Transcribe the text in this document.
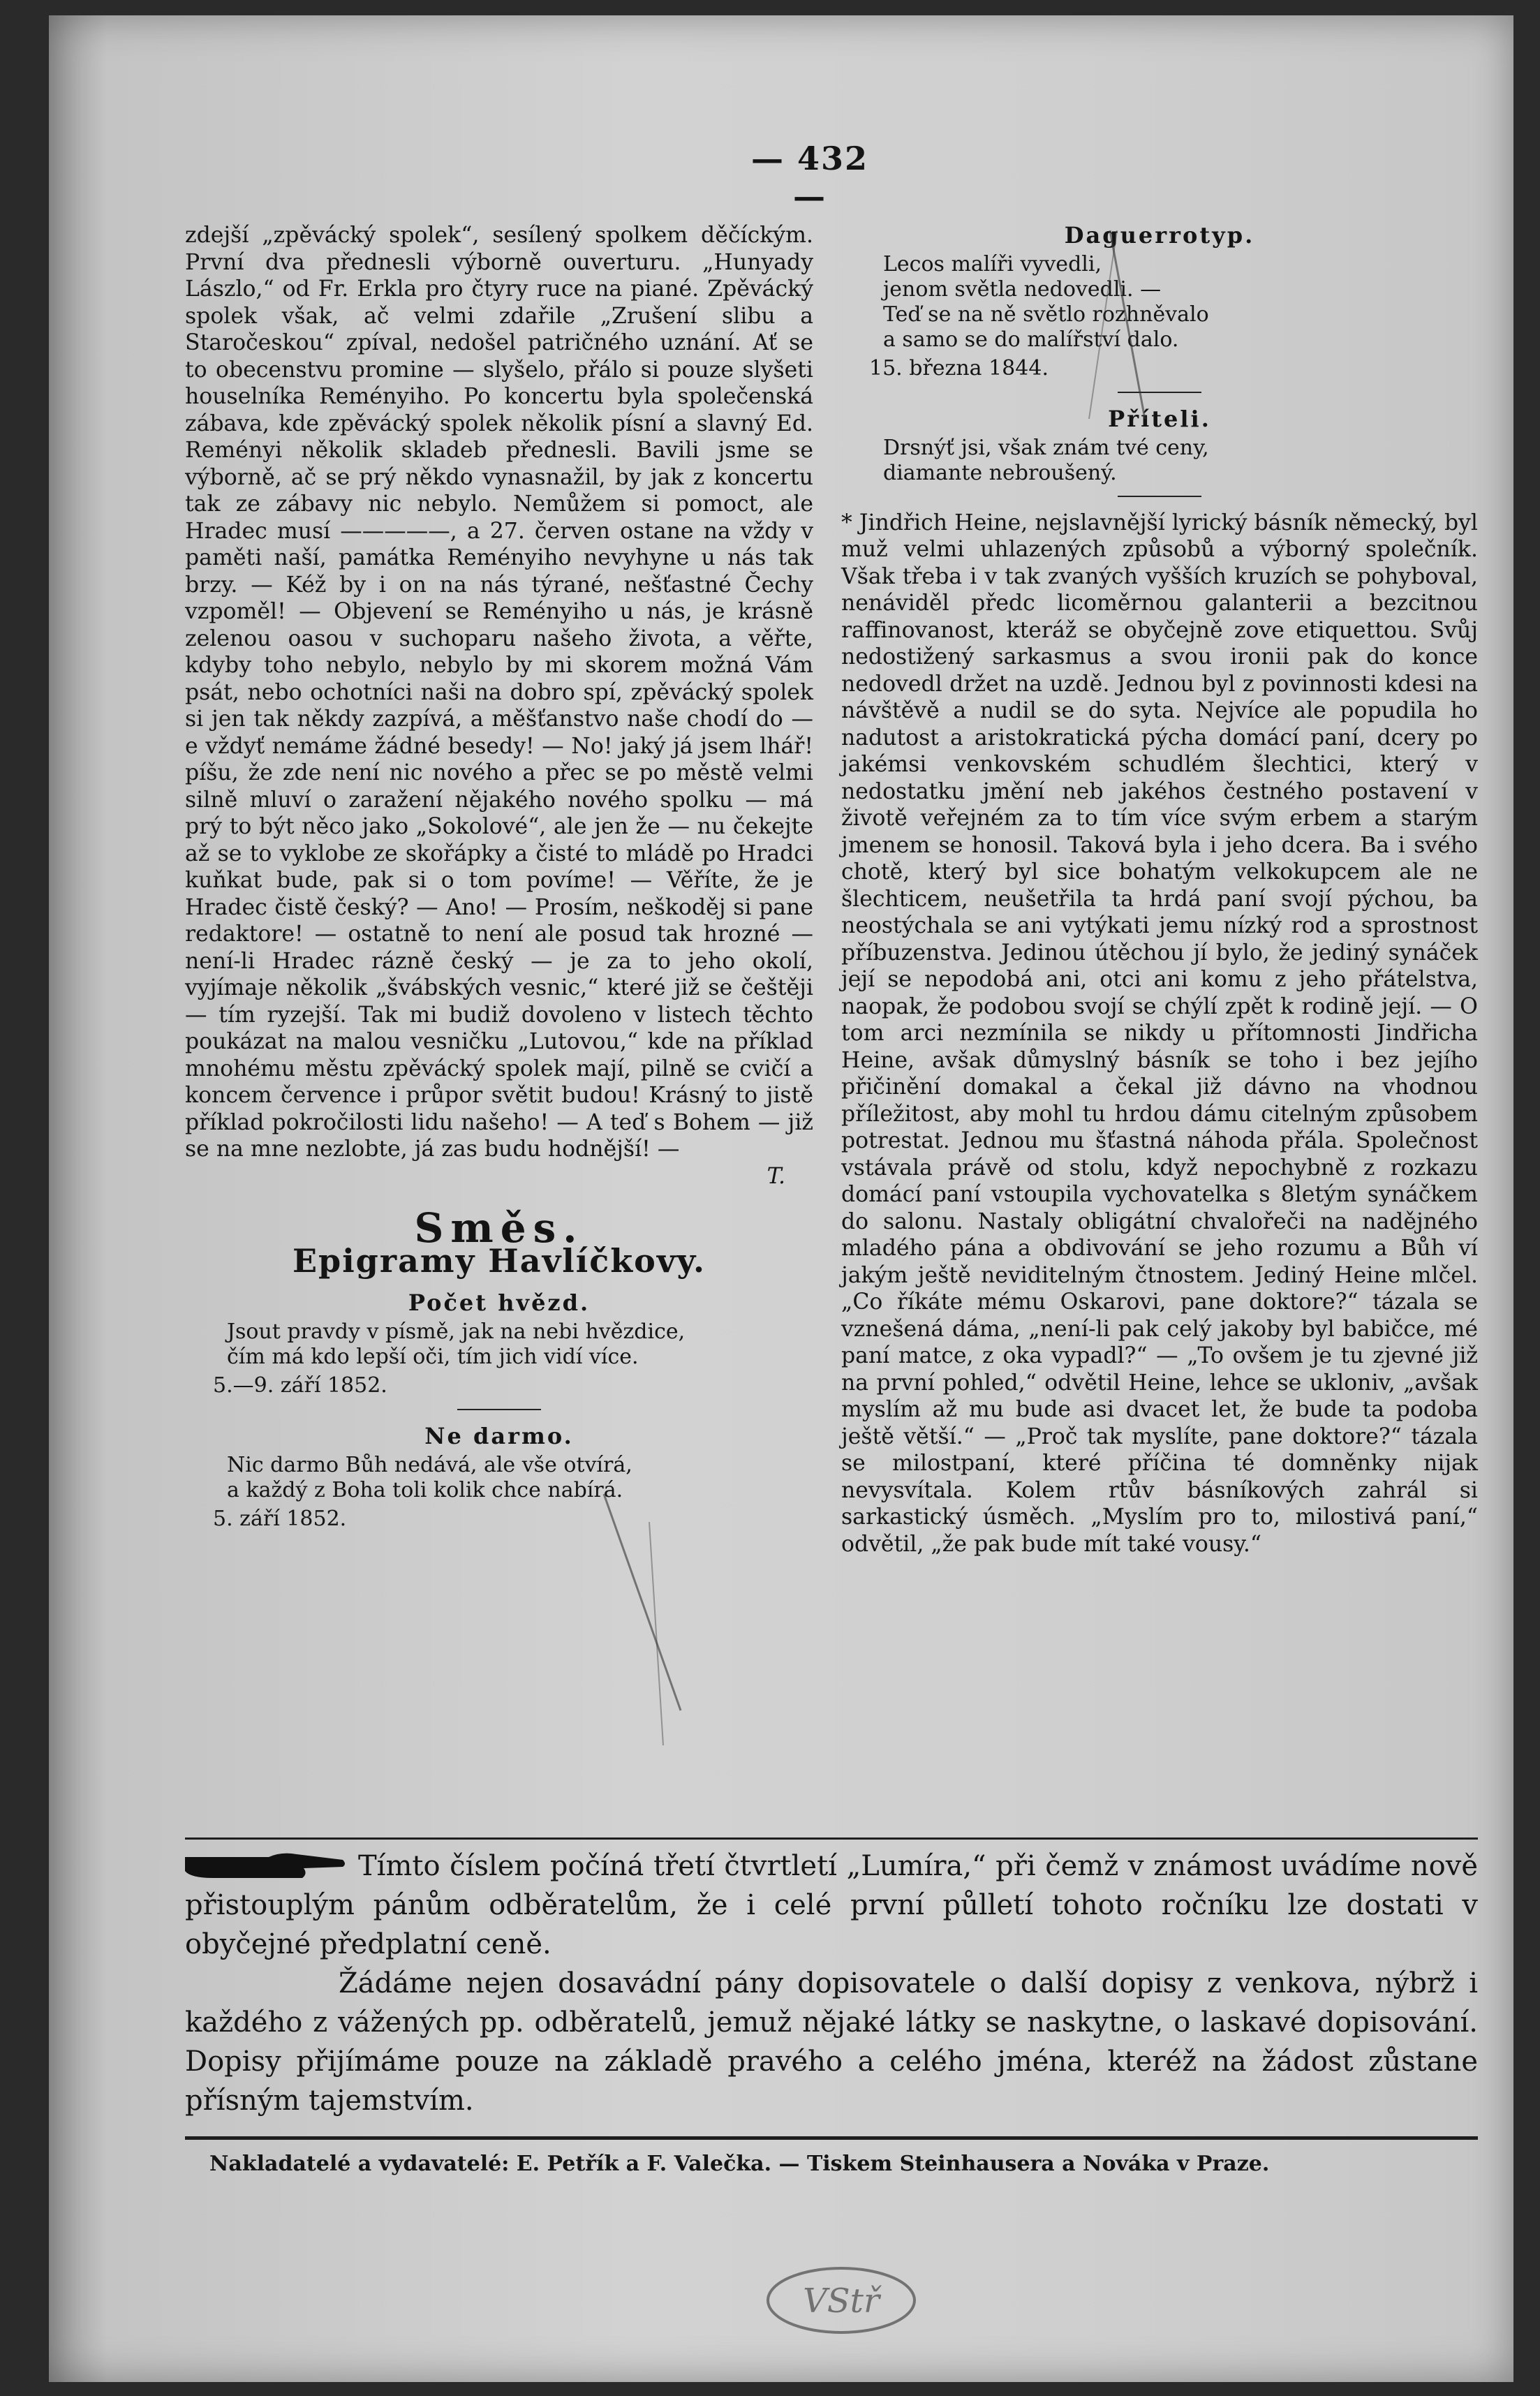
— 432 —

zdejší „zpěvácký spolek“, sesílený spolkem děčíckým. První dva přednesli výborně ouverturu. „Hunyady Lászlo,“ od Fr. Erkla pro čtyry ruce na piané. Zpěvácký spolek však, ač velmi zdařile „Zrušení slibu a Staročeskou“ zpíval, nedošel patričného uznání. Ať se to obecenstvu promine — slyšelo, přálo si pouze slyšeti houselníka Reményiho. Po koncertu byla společenská zábava, kde zpěvácký spolek několik písní a slavný Ed. Reményi několik skladeb přednesli. Bavili jsme se výborně, ač se prý někdo vynasnažil, by jak z koncertu tak ze zábavy nic nebylo. Nemůžem si pomoct, ale Hradec musí —————, a 27. červen ostane na vždy v paměti naší, památka Reményiho nevyhyne u nás tak brzy. — Kéž by i on na nás týrané, nešťastné Čechy vzpoměl! — Objevení se Reményiho u nás, je krásně zelenou oasou v suchoparu našeho života, a věřte, kdyby toho nebylo, nebylo by mi skorem možná Vám psát, nebo ochotníci naši na dobro spí, zpěvácký spolek si jen tak někdy zazpívá, a měšťanstvo naše chodí do — e vždyť nemáme žádné besedy! — No! jaký já jsem lhář! píšu, že zde není nic nového a přec se po městě velmi silně mluví o zaražení nějakého nového spolku — má prý to být něco jako „Sokolové“, ale jen že — nu čekejte až se to vyklobe ze skořápky a čisté to mládě po Hradci kuňkat bude, pak si o tom povíme! — Věříte, že je Hradec čistě český? — Ano! — Prosím, neškoděj si pane redaktore! — ostatně to není ale posud tak hrozné — není-li Hradec rázně český — je za to jeho okolí, vyjímaje několik „švábských vesnic,“ které již se češtěji — tím ryzejší. Tak mi budiž dovoleno v listech těchto poukázat na malou vesničku „Lutovou,“ kde na příklad mnohému městu zpěvácký spolek mají, pilně se cvičí a koncem července i průpor světit budou! Krásný to jistě příklad pokročilosti lidu našeho! — A teď s Bohem — již se na mne nezlobte, já zas budu hodnější! —

T.

Směs.
Epigramy Havlíčkovy.
Počet hvězd.
Jsout pravdy v písmě, jak na nebi hvězdice,
čím má kdo lepší oči, tím jich vidí více.
5.—9. září 1852.
Ne darmo.
Nic darmo Bůh nedává, ale vše otvírá,
a každý z Boha toli kolik chce nabírá.
5. září 1852.
Daguerrotyp.
Lecos malíři vyvedli,
jenom světla nedovedli. —
Teď se na ně světlo rozhněvalo
a samo se do malířství dalo.
15. března 1844.
Příteli.
Drsnýť jsi, však znám tvé ceny,
diamante nebroušený.

* Jindřich Heine, nejslavnější lyrický básník německý, byl muž velmi uhlazených způsobů a výborný společník. Však třeba i v tak zvaných vyšších kruzích se pohyboval, nenáviděl předc licoměrnou galanterii a bezcitnou raffinovanost, kteráž se obyčejně zove etiquettou. Svůj nedostižený sarkasmus a svou ironii pak do konce nedovedl držet na uzdě. Jednou byl z povinnosti kdesi na návštěvě a nudil se do syta. Nejvíce ale popudila ho nadutost a aristokratická pýcha domácí paní, dcery po jakémsi venkovském schudlém šlechtici, který v nedostatku jmění neb jakéhos čestného postavení v životě veřejném za to tím více svým erbem a starým jmenem se honosil. Taková byla i jeho dcera. Ba i svého chotě, který byl sice bohatým velkokupcem ale ne šlechticem, neušetřila ta hrdá paní svojí pýchou, ba neostýchala se ani vytýkati jemu nízký rod a sprostnost příbuzenstva. Jedinou útěchou jí bylo, že jediný synáček její se nepodobá ani, otci ani komu z jeho přátelstva, naopak, že podobou svojí se chýlí zpět k rodině její. — O tom arci nezmínila se nikdy u přítomnosti Jindřicha Heine, avšak důmyslný básník se toho i bez jejího přičinění domakal a čekal již dávno na vhodnou příležitost, aby mohl tu hrdou dámu citelným způsobem potrestat. Jednou mu šťastná náhoda přála. Společnost vstávala právě od stolu, když nepochybně z rozkazu domácí paní vstoupila vychovatelka s 8letým synáčkem do salonu. Nastaly obligátní chvalořeči na nadějného mladého pána a obdivování se jeho rozumu a Bůh ví jakým ještě neviditelným čtnostem. Jediný Heine mlčel. „Co říkáte mému Oskarovi, pane doktore?“ tázala se vznešená dáma, „není-li pak celý jakoby byl babičce, mé paní matce, z oka vypadl?“ — „To ovšem je tu zjevné již na první pohled,“ odvětil Heine, lehce se ukloniv, „avšak myslím až mu bude asi dvacet let, že bude ta podoba ještě větší.“ — „Proč tak myslíte, pane doktore?“ tázala se milostpaní, které příčina té domněnky nijak nevysvítala. Kolem rtův básníkových zahrál si sarkastický úsměch. „Myslím pro to, milostivá paní,“ odvětil, „že pak bude mít také vousy.“

Tímto číslem počíná třetí čtvrtletí „Lumíra,“ při čemž v známost uvádíme nově přistouplým pánům odběratelům, že i celé první půlletí tohoto ročníku lze dostati v obyčejné předplatní ceně.

Žádáme nejen dosavádní pány dopisovatele o další dopisy z venkova, nýbrž i každého z vážených pp. odběratelů, jemuž nějaké látky se naskytne, o laskavé dopisování. Dopisy přijímáme pouze na základě pravého a celého jména, kteréž na žádost zůstane přísným tajemstvím.

Nakladatelé a vydavatelé: E. Petřík a F. Valečka. — Tiskem Steinhausera a Nováka v Praze.
VStř
